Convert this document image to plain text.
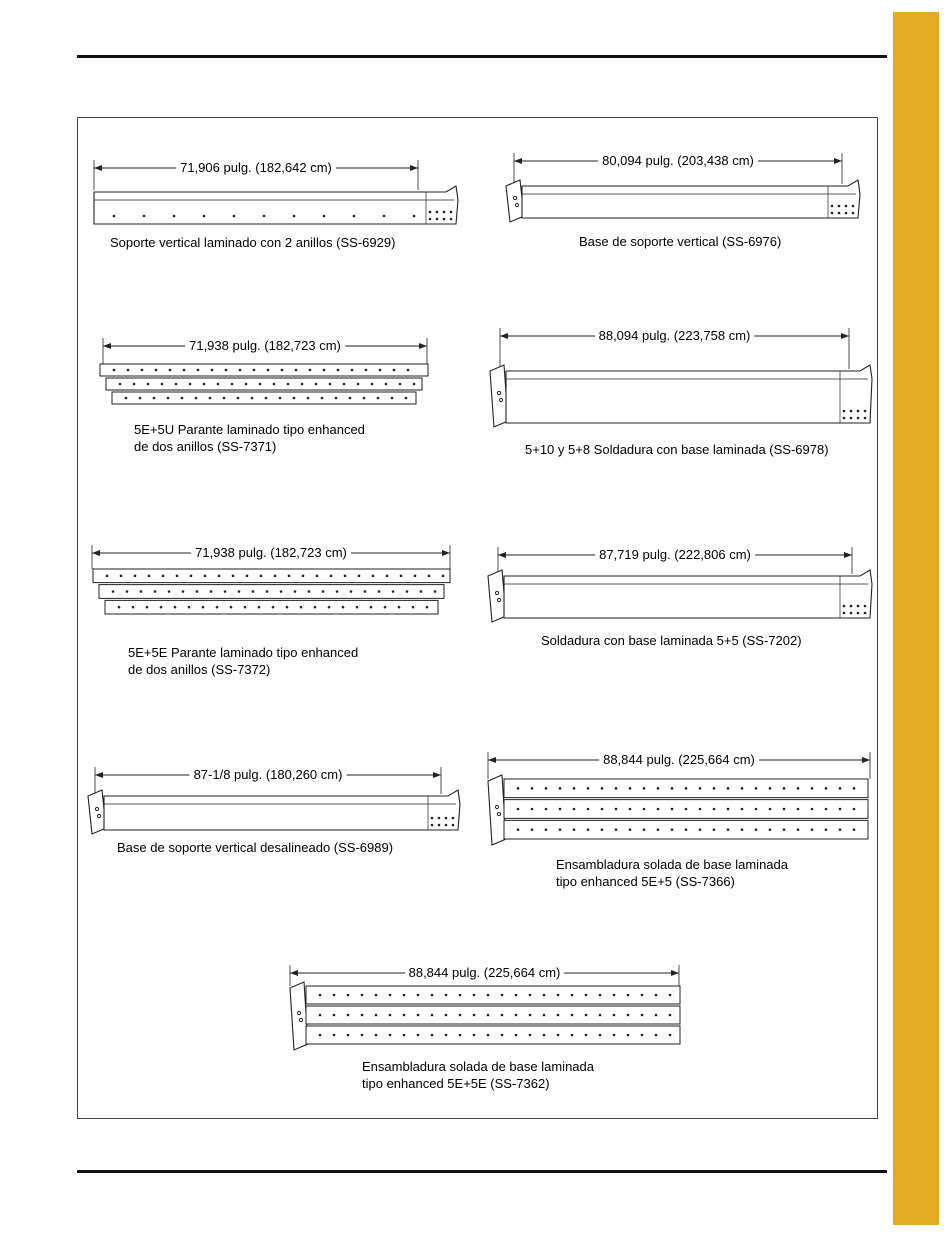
71,906 pulg. (182,642 cm)
Soporte vertical laminado con 2 anillos (SS-6929)
80,094 pulg. (203,438 cm)
Base de soporte vertical (SS-6976)
71,938 pulg. (182,723 cm)
5E+5U Parante laminado tipo enhanced
de dos anillos (SS-7371)
88,094 pulg. (223,758 cm)
5+10 y 5+8 Soldadura con base laminada (SS-6978)
71,938 pulg. (182,723 cm)
5E+5E Parante laminado tipo enhanced
de dos anillos (SS-7372)
87,719 pulg. (222,806 cm)
Soldadura con base laminada 5+5 (SS-7202)
87-1/8 pulg. (180,260 cm)
Base de soporte vertical desalineado (SS-6989)
88,844 pulg. (225,664 cm)
Ensambladura solada de base laminada
tipo enhanced 5E+5 (SS-7366)
88,844 pulg. (225,664 cm)
Ensambladura solada de base laminada
tipo enhanced 5E+5E (SS-7362)
